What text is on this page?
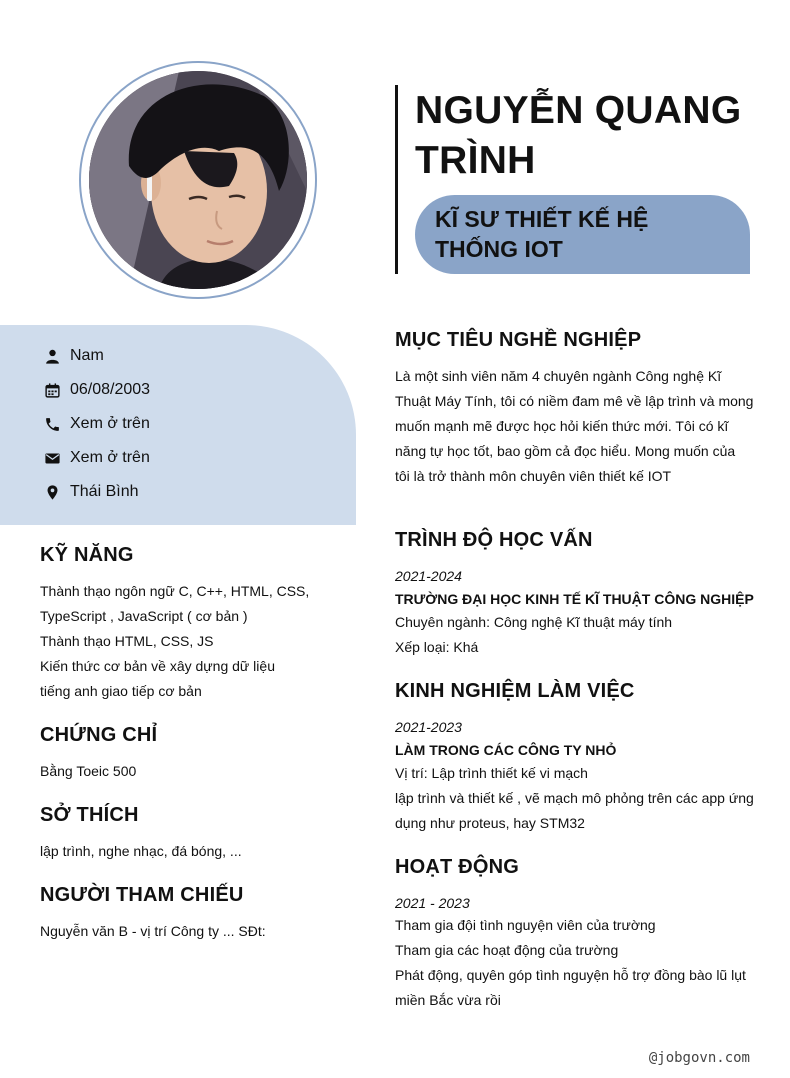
NGUYỄN QUANG TRÌNH
KĨ SƯ THIẾT KẾ HỆ THỐNG IOT
Nam
06/08/2003
Xem ở trên
Xem ở trên
Thái Bình
KỸ NĂNG
Thành thạo ngôn ngữ C, C++, HTML, CSS,
TypeScript , JavaScript ( cơ bản )
Thành thạo HTML, CSS, JS
Kiến thức cơ bản về xây dựng dữ liệu
tiếng anh giao tiếp cơ bản
CHỨNG CHỈ
Bằng Toeic 500
SỞ THÍCH
lập trình, nghe nhạc, đá bóng, ...
NGƯỜI THAM CHIẾU
Nguyễn văn B - vị trí Công ty ... SĐt:
MỤC TIÊU NGHỀ NGHIỆP
Là một sinh viên năm 4 chuyên ngành Công nghệ Kĩ
Thuật Máy Tính, tôi có niềm đam mê về lập trình và mong
muốn mạnh mẽ được học hỏi kiến thức mới. Tôi có kĩ
năng tự học tốt, bao gồm cả đọc hiểu. Mong muốn của
tôi là trở thành môn chuyên viên thiết kế IOT
TRÌNH ĐỘ HỌC VẤN
2021-2024
TRƯỜNG ĐẠI HỌC KINH TẾ KĨ THUẬT CÔNG NGHIỆP
Chuyên ngành: Công nghệ Kĩ thuật máy tính
Xếp loại: Khá
KINH NGHIỆM LÀM VIỆC
2021-2023
LÀM TRONG CÁC CÔNG TY NHỎ
Vị trí: Lập trình thiết kế vi mạch
lập trình và thiết kế , vẽ mạch mô phỏng trên các app ứng
dụng như proteus, hay STM32
HOẠT ĐỘNG
2021 - 2023
Tham gia đội tình nguyện viên của trường
Tham gia các hoạt động của trường
Phát động, quyên góp tình nguyện hỗ trợ đồng bào lũ lụt
miền Bắc vừa rồi
@jobgovn.com
